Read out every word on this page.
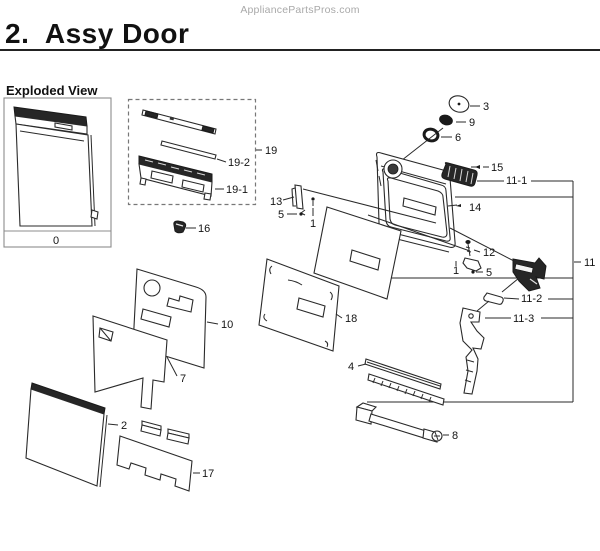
AppliancePartsPros.com
2.  Assy Door
Exploded View
0
19
19-2
19-1
16
3
9
6
14
15
11-1
11
13
5
1
12
1 5
11-2
11-3
10
7
2
17
18
4
8
